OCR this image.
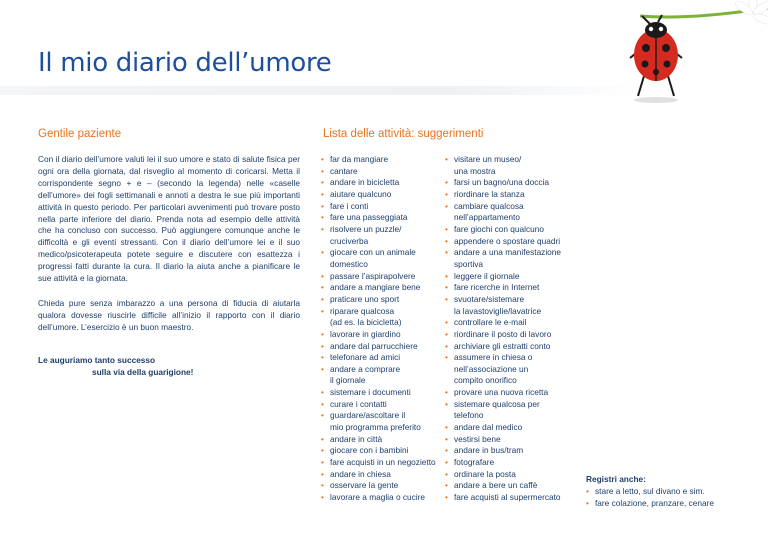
Il mio diario dell’umore
Gentile paziente

Con il diario dell’umore valuti lei il suo umore e stato di salute fisica per ogni ora della giornata, dal risveglio al momento di coricarsi. Metta il corrispondente segno + e – (secondo la legenda) nelle «caselle dell’umore» dei fogli settimanali e annoti a destra le sue più importanti attività in questo periodo. Per particolari avvenimenti può trovare posto nella parte inferiore del diario. Prenda nota ad esempio delle attività che ha concluso con successo. Può aggiungere comunque anche le difficoltà e gli eventi stressanti. Con il diario dell’umore lei e il suo medico/psicoterapeuta potete seguire e discutere con esattezza i progressi fatti durante la cura. Il diario la aiuta anche a pianificare le sue attività e la giornata.

Chieda pure senza imbarazzo a una persona di fiducia di aiutarla qualora dovesse riuscirle difficile all’inizio il rapporto con il diario dell’umore. L’esercizio è un buon maestro.

Le auguriamo tanto successo
sulla via della guarigione!
Lista delle attività: suggerimenti
• far da mangiare
• cantare
• andare in bicicletta
• aiutare qualcuno
• fare i conti
• fare una passeggiata
• risolvere un puzzle/
cruciverba
• giocare con un animale
domestico
• passare l’aspirapolvere
• andare a mangiare bene
• praticare uno sport
• riparare qualcosa
(ad es. la bicicletta)
• lavorare in giardino
• andare dal parrucchiere
• telefonare ad amici
• andare a comprare
il giornale
• sistemare i documenti
• curare i contatti
• guardare/ascoltare il
mio programma preferito
• andare in città
• giocare con i bambini
• fare acquisti in un negozietto
• andare in chiesa
• osservare la gente
• lavorare a maglia o cucire
• visitare un museo/
una mostra
• farsi un bagno/una doccia
• riordinare la stanza
• cambiare qualcosa
nell’appartamento
• fare giochi con qualcuno
• appendere o spostare quadri
• andare a una manifestazione
sportiva
• leggere il giornale
• fare ricerche in Internet
• svuotare/sistemare
la lavastoviglie/lavatrice
• controllare le e-mail
• riordinare il posto di lavoro
• archiviare gli estratti conto
• assumere in chiesa o
nell’associazione un
compito onorifico
• provare una nuova ricetta
• sistemare qualcosa per
telefono
• andare dal medico
• vestirsi bene
• andare in bus/tram
• fotografare
• ordinare la posta
• andare a bere un caffè
• fare acquisti al supermercato
Registri anche:
• stare a letto, sul divano e sim.
• fare colazione, pranzare, cenare
